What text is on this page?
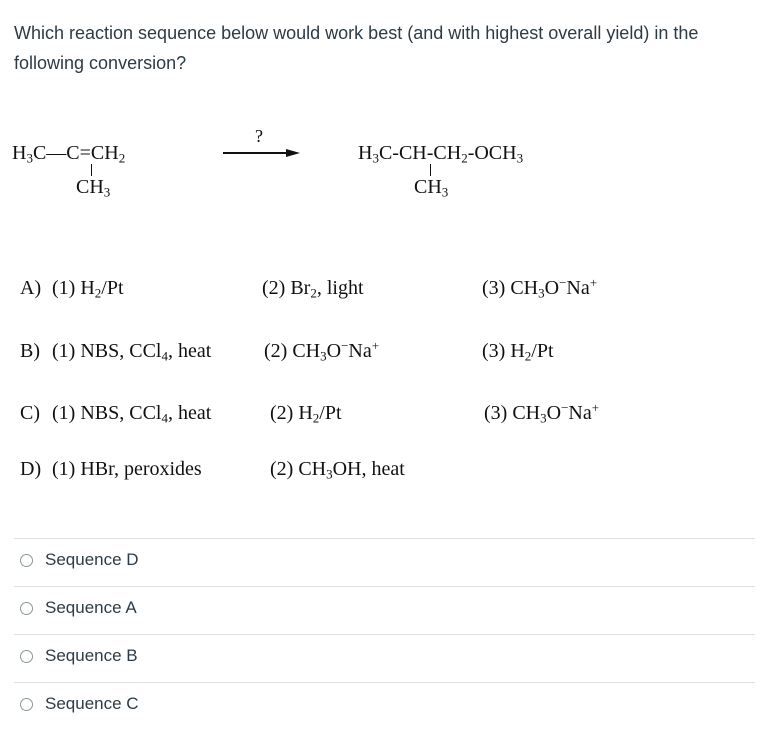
Which reaction sequence below would work best (and with highest overall yield) in the following conversion?
$H_3C—C=CH_2$
$CH_3$
?
$H_3C-CH-CH_2-OCH_3$
$CH_3$
A) (1) $H_2/Pt$	(2) $Br_2$, light	(3) $CH_3O^-Na^+$
B) (1) NBS, CCl$_4$, heat	(2) $CH_3O^-Na^+$	(3) $H_2/Pt$
C) (1) NBS, CCl$_4$, heat	(2) $H_2/Pt$	(3) $CH_3O^-Na^+$
D) (1) HBr, peroxides	(2) $CH_3OH$, heat
Sequence D
Sequence A
Sequence B
Sequence C
